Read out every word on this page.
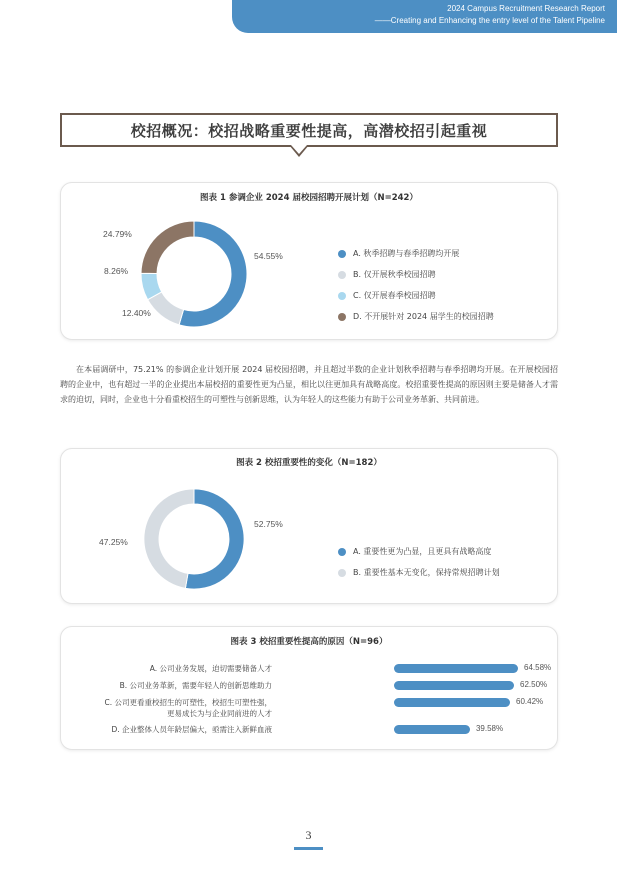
2024 Campus Recruitment Research Report
——Creating and Enhancing the entry level of the Talent Pipeline
校招概况：校招战略重要性提高，高潜校招引起重视
图表 1 参调企业 2024 届校园招聘开展计划（N=242）
54.55%
12.40%
8.26%
24.79%
A. 秋季招聘与春季招聘均开展
B. 仅开展秋季校园招聘
C. 仅开展春季校园招聘
D. 不开展针对 2024 届学生的校园招聘

在本届调研中，75.21% 的参调企业计划开展 2024 届校园招聘，并且超过半数的企业计划秋季招聘与春季招聘均开展。在开展校园招聘的企业中，也有超过一半的企业提出本届校招的重要性更为凸显，相比以往更加具有战略高度。校招重要性提高的原因则主要是储备人才需求的迫切，同时，企业也十分看重校招生的可塑性与创新思维，认为年轻人的这些能力有助于公司业务革新、共同前进。

图表 2 校招重要性的变化（N=182）
52.75%
47.25%
A. 重要性更为凸显，且更具有战略高度
B. 重要性基本无变化，保持常规招聘计划
图表 3 校招重要性提高的原因（N=96）
A. 公司业务发展，迫切需要储备人才	64.58%
B. 公司业务革新，需要年轻人的创新思维助力	62.50%
C. 公司更看重校招生的可塑性，校招生可塑性强，
更易成长为与企业同前进的人才
60.42%
D. 企业整体人员年龄层偏大，亟需注入新鲜血液	39.58%
3
